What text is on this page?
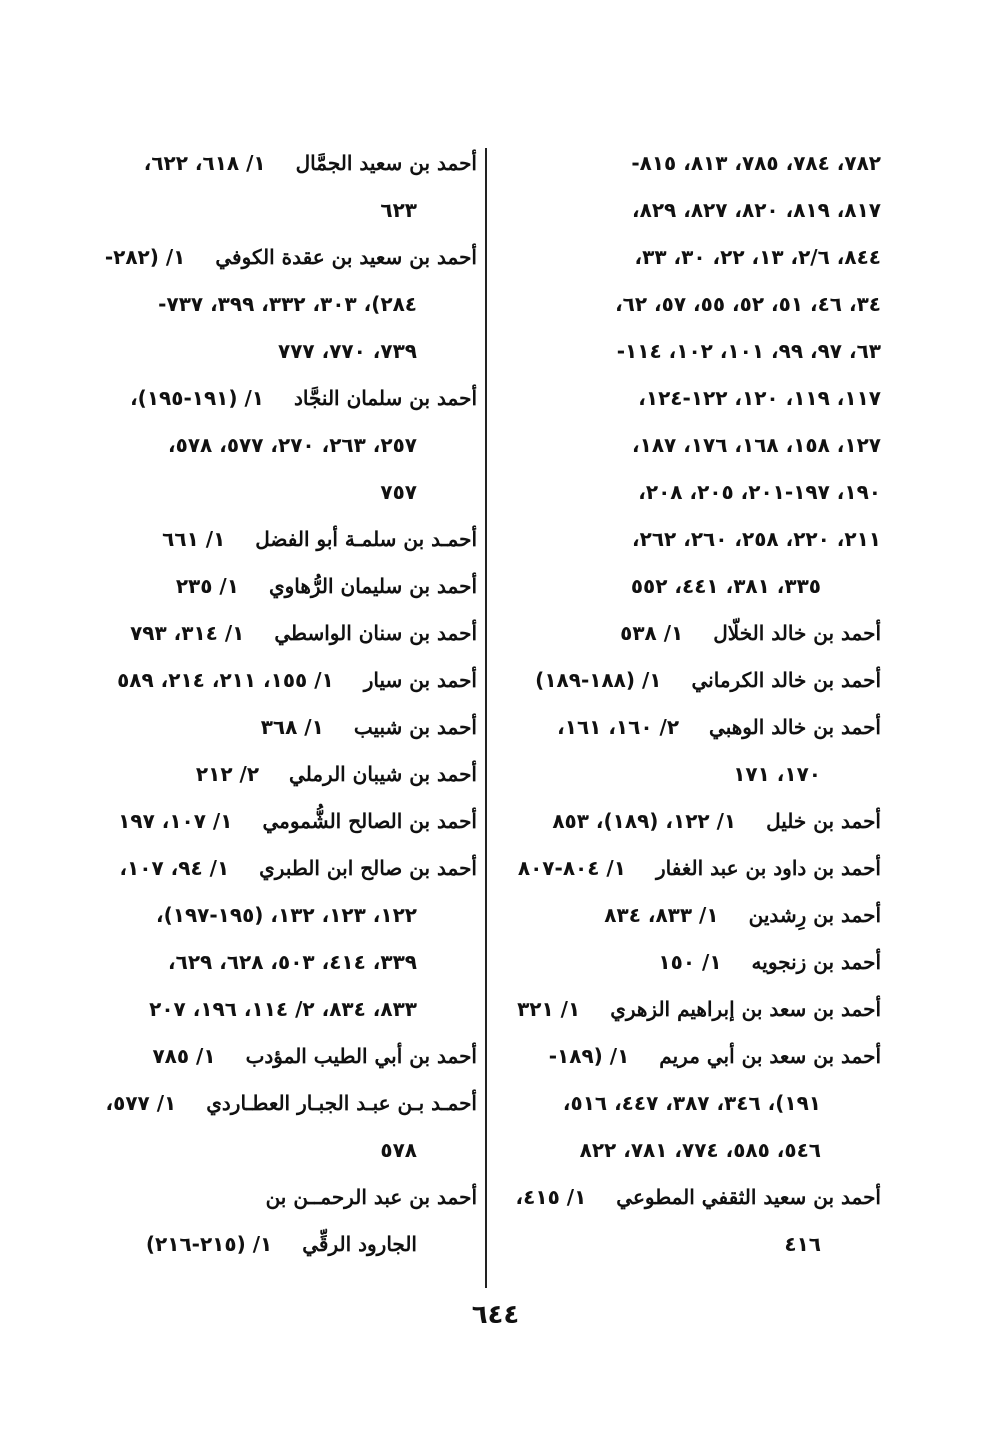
٧٨٢، ٧٨٤، ٧٨٥، ٨١٣، ٨١٥-
٨١٧، ٨١٩، ٨٢٠، ٨٢٧، ٨٢٩،
٨٤٤، ٢/٦، ١٣، ٢٢، ٣٠، ٣٣،
٣٤، ٤٦، ٥١، ٥٢، ٥٥، ٥٧، ٦٢،
٦٣، ٩٧، ٩٩، ١٠١، ١٠٢، ١١٤-
١١٧، ١١٩، ١٢٠، ١٢٢-١٢٤،
١٢٧، ١٥٨، ١٦٨، ١٧٦، ١٨٧،
١٩٠، ١٩٧-٢٠١، ٢٠٥، ٢٠٨،
٢١١، ٢٢٠، ٢٥٨، ٢٦٠، ٢٦٢،
٣٣٥، ٣٨١، ٤٤١، ٥٥٢
أحمد بن خالد الخلّال١/ ٥٣٨
أحمد بن خالد الكرماني١/ (١٨٨-١٨٩)
أحمد بن خالد الوهبي٢/ ١٦٠، ١٦١،
١٧٠، ١٧١
أحمد بن خليل١/ ١٢٢، (١٨٩)، ٨٥٣
أحمد بن داود بن عبد الغفار١/ ٨٠٤-٨٠٧
أحمد بن رِشدين١/ ٨٣٣، ٨٣٤
أحمد بن زنجويه١/ ١٥٠
أحمد بن سعد بن إبراهيم الزهري١/ ٣٢١
أحمد بن سعد بن أبي مريم١/ (١٨٩-
١٩١)، ٣٤٦، ٣٨٧، ٤٤٧، ٥١٦،
٥٤٦، ٥٨٥، ٧٧٤، ٧٨١، ٨٢٢
أحمد بن سعيد الثقفي المطوعي١/ ٤١٥،
٤١٦
أحمد بن سعيد الجمَّال١/ ٦١٨، ٦٢٢،
٦٢٣
أحمد بن سعيد بن عقدة الكوفي١/ (٢٨٢-
٢٨٤)، ٣٠٣، ٣٣٢، ٣٩٩، ٧٣٧-
٧٣٩، ٧٧٠، ٧٧٧
أحمد بن سلمان النجَّاد١/ (١٩١-١٩٥)،
٢٥٧، ٢٦٣، ٢٧٠، ٥٧٧، ٥٧٨،
٧٥٧
أحمـد بن سلمـة أبو الفضل١/ ٦٦١
أحمد بن سليمان الرُّهاوي١/ ٢٣٥
أحمد بن سنان الواسطي١/ ٣١٤، ٧٩٣
أحمد بن سيار١/ ١٥٥، ٢١١، ٢١٤، ٥٨٩
أحمد بن شبيب١/ ٣٦٨
أحمد بن شيبان الرملي٢/ ٢١٢
أحمد بن الصالح الشُّمومي١/ ١٠٧، ١٩٧
أحمد بن صالح ابن الطبري١/ ٩٤، ١٠٧،
١٢٢، ١٢٣، ١٣٢، (١٩٥-١٩٧)،
٣٣٩، ٤١٤، ٥٠٣، ٦٢٨، ٦٢٩،
٨٣٣، ٨٣٤، ٢/ ١١٤، ١٩٦، ٢٠٧
أحمد بن أبي الطيب المؤدب١/ ٧٨٥
أحمـد بـن عبـد الجبـار العطـاردي١/ ٥٧٧،
٥٧٨
أحمد بن عبد الرحمــن بن
الجارود الرقِّي١/ (٢١٥-٢١٦)
٦٤٤
